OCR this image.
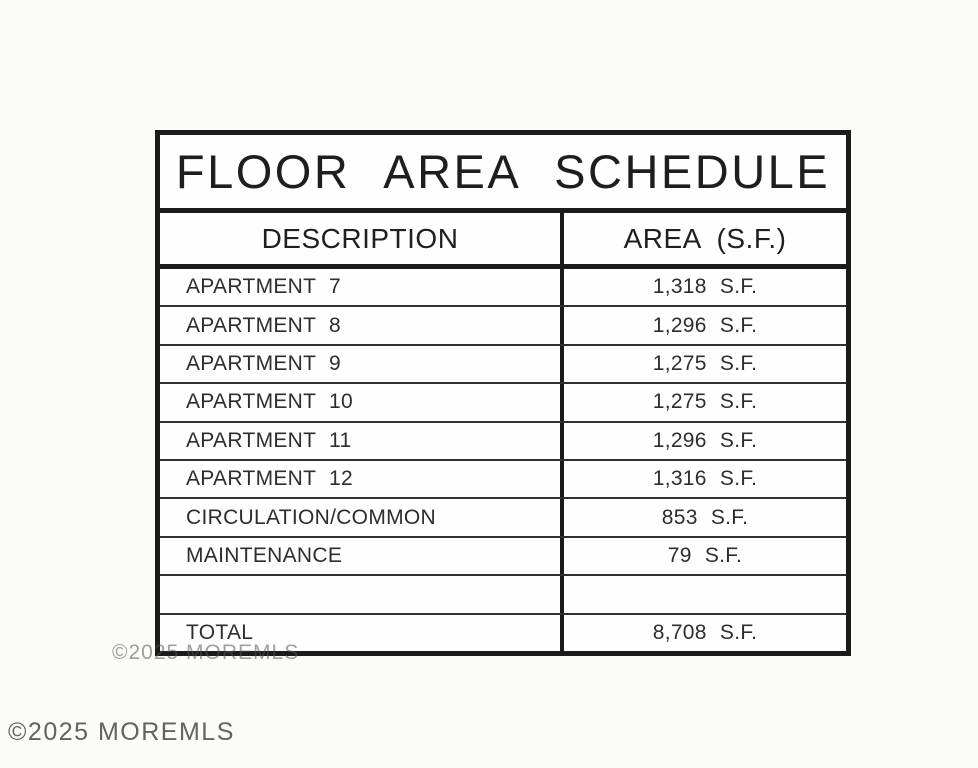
FLOOR AREA SCHEDULE
DESCRIPTION	AREA (S.F.)
APARTMENT 7	1,318 S.F.
APARTMENT 8	1,296 S.F.
APARTMENT 9	1,275 S.F.
APARTMENT 10	1,275 S.F.
APARTMENT 11	1,296 S.F.
APARTMENT 12	1,316 S.F.
CIRCULATION/COMMON	853 S.F.
MAINTENANCE	79 S.F.
TOTAL	8,708 S.F.
©2025 MOREMLS
©2025 MOREMLS
